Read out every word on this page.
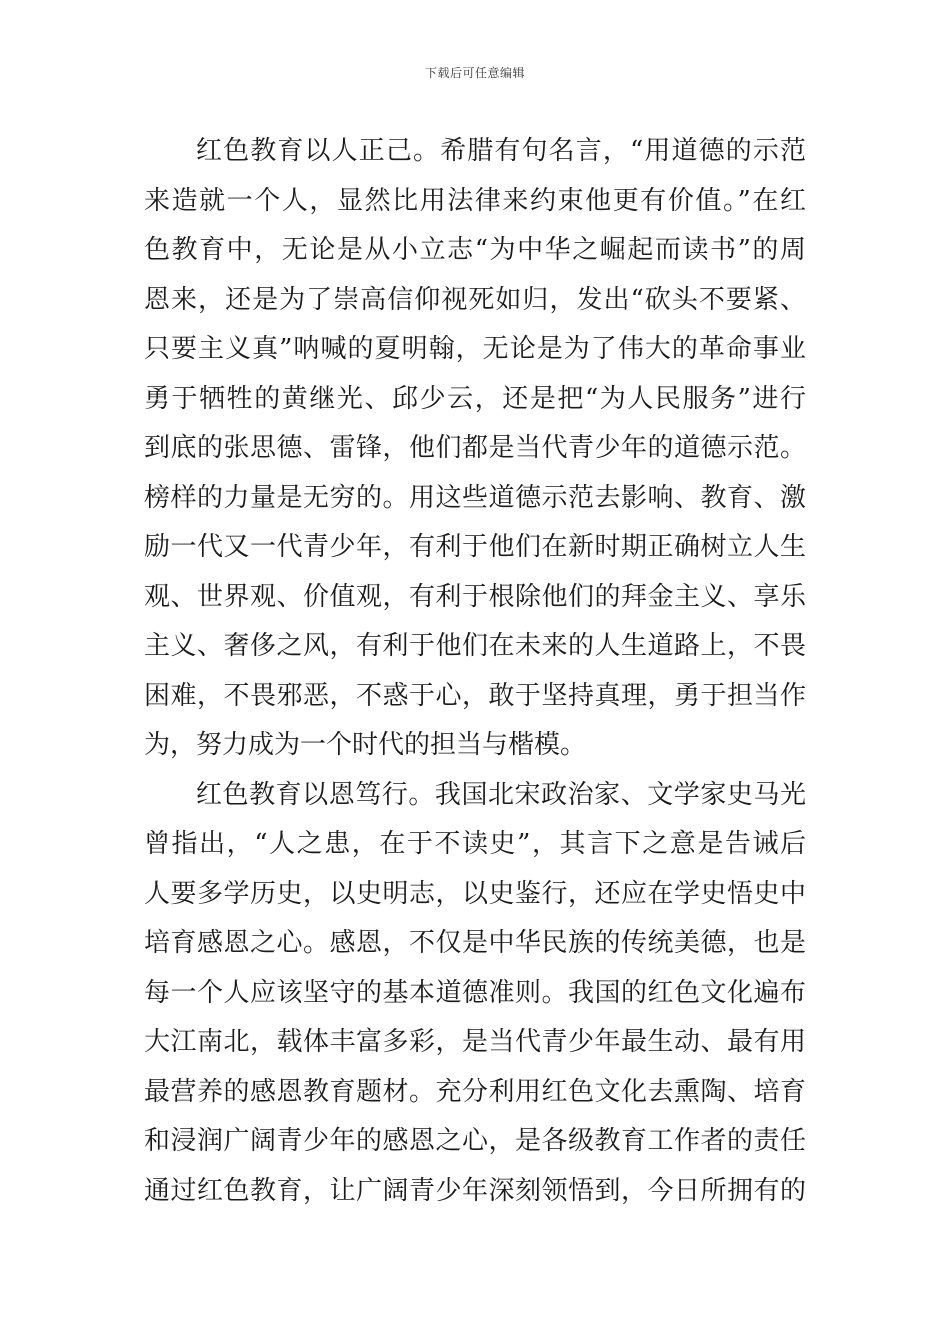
下载后可任意编辑
红色教育以人正己。希腊有句名言，“用道德的示范
来造就一个人，显然比用法律来约束他更有价值。”在红
色教育中，无论是从小立志“为中华之崛起而读书”的周
恩来，还是为了崇高信仰视死如归，发出“砍头不要紧、
只要主义真”呐喊的夏明翰，无论是为了伟大的革命事业
勇于牺牲的黄继光、邱少云，还是把“为人民服务”进行
到底的张思德、雷锋，他们都是当代青少年的道德示范。
榜样的力量是无穷的。用这些道德示范去影响、教育、激
励一代又一代青少年，有利于他们在新时期正确树立人生
观、世界观、价值观，有利于根除他们的拜金主义、享乐
主义、奢侈之风，有利于他们在未来的人生道路上，不畏
困难，不畏邪恶，不惑于心，敢于坚持真理，勇于担当作
为，努力成为一个时代的担当与楷模。
红色教育以恩笃行。我国北宋政治家、文学家史马光
曾指出，“人之患，在于不读史”，其言下之意是告诫后
人要多学历史，以史明志，以史鉴行，还应在学史悟史中
培育感恩之心。感恩，不仅是中华民族的传统美德，也是
每一个人应该坚守的基本道德准则。我国的红色文化遍布
大江南北，载体丰富多彩，是当代青少年最生动、最有用
最营养的感恩教育题材。充分利用红色文化去熏陶、培育
和浸润广阔青少年的感恩之心，是各级教育工作者的责任
通过红色教育，让广阔青少年深刻领悟到，今日所拥有的
